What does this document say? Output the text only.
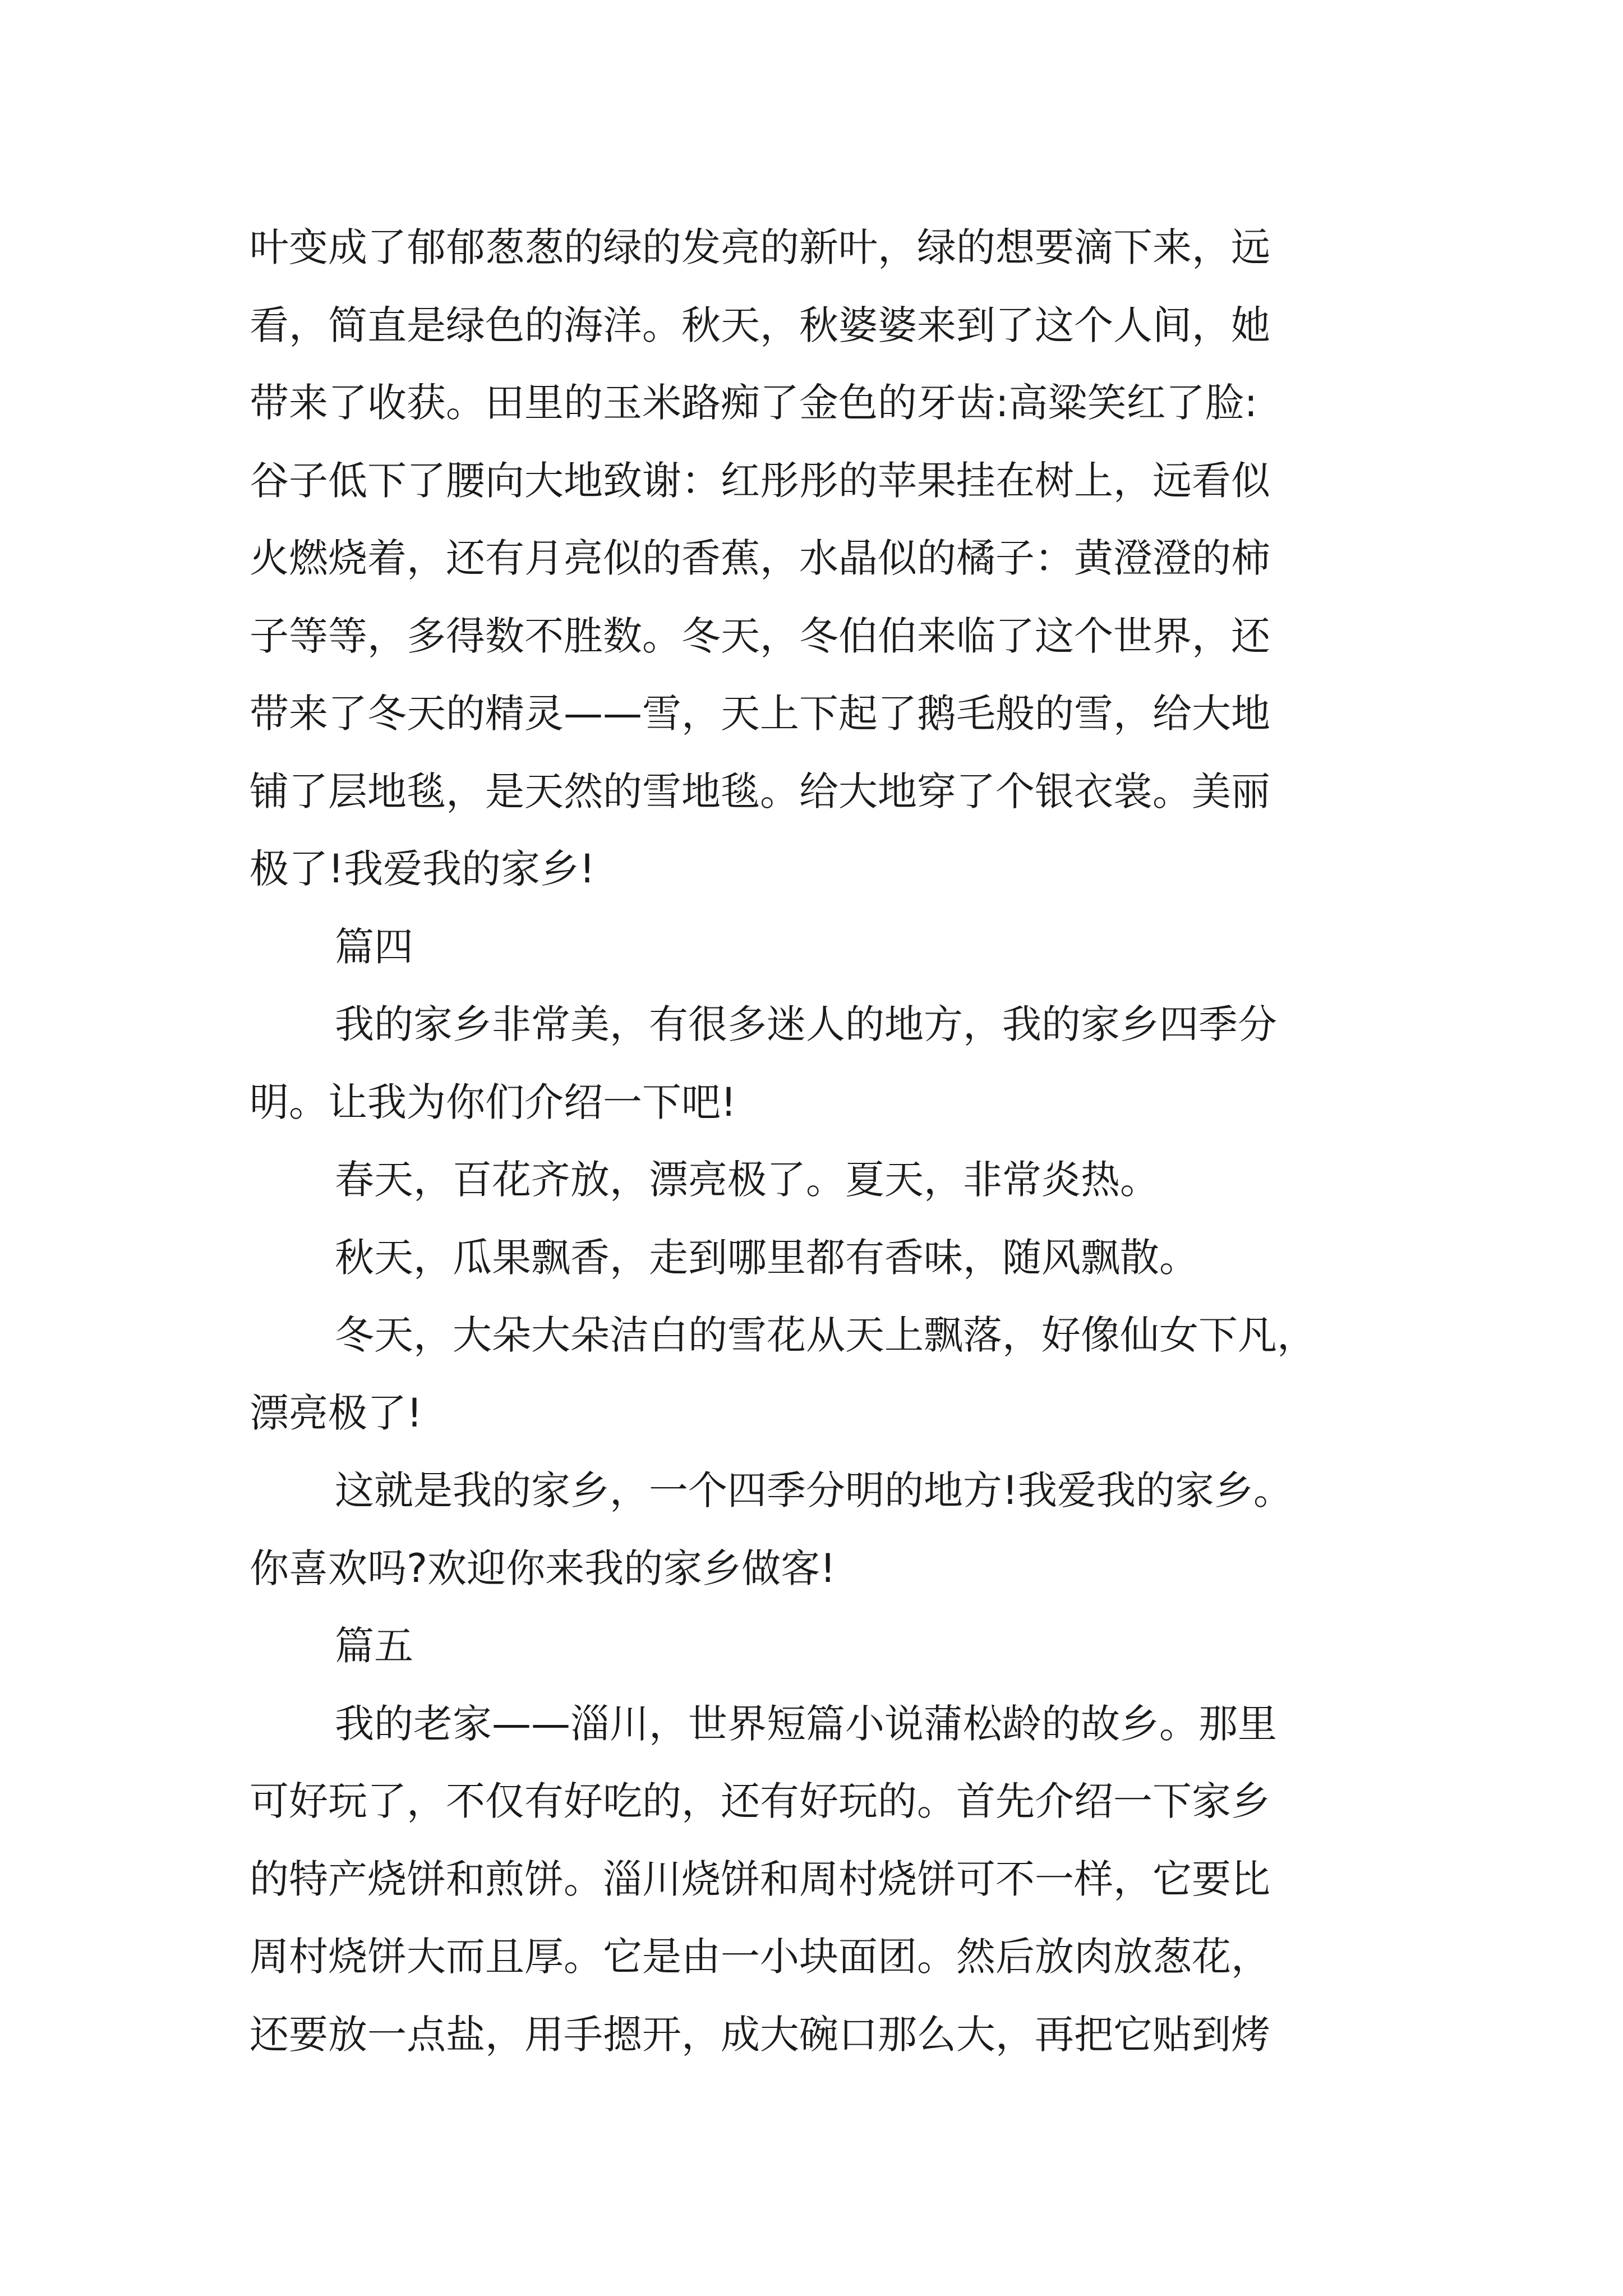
叶变成了郁郁葱葱的绿的发亮的新叶，绿的想要滴下来，远
看，简直是绿色的海洋。秋天，秋婆婆来到了这个人间，她
带来了收获。田里的玉米路痴了金色的牙齿:高粱笑红了脸:
谷子低下了腰向大地致谢：红彤彤的苹果挂在树上，远看似
火燃烧着，还有月亮似的香蕉，水晶似的橘子：黄澄澄的柿
子等等，多得数不胜数。冬天，冬伯伯来临了这个世界，还
带来了冬天的精灵——雪，天上下起了鹅毛般的雪，给大地
铺了层地毯，是天然的雪地毯。给大地穿了个银衣裳。美丽
极了!我爱我的家乡!
篇四
我的家乡非常美，有很多迷人的地方，我的家乡四季分
明。让我为你们介绍一下吧!
春天，百花齐放，漂亮极了。夏天，非常炎热。
秋天，瓜果飘香，走到哪里都有香味，随风飘散。
冬天，大朵大朵洁白的雪花从天上飘落，好像仙女下凡，
漂亮极了!
这就是我的家乡，一个四季分明的地方!我爱我的家乡。
你喜欢吗?欢迎你来我的家乡做客!
篇五
我的老家——淄川，世界短篇小说蒲松龄的故乡。那里
可好玩了，不仅有好吃的，还有好玩的。首先介绍一下家乡
的特产烧饼和煎饼。淄川烧饼和周村烧饼可不一样，它要比
周村烧饼大而且厚。它是由一小块面团。然后放肉放葱花，
还要放一点盐，用手摁开，成大碗口那么大，再把它贴到烤
